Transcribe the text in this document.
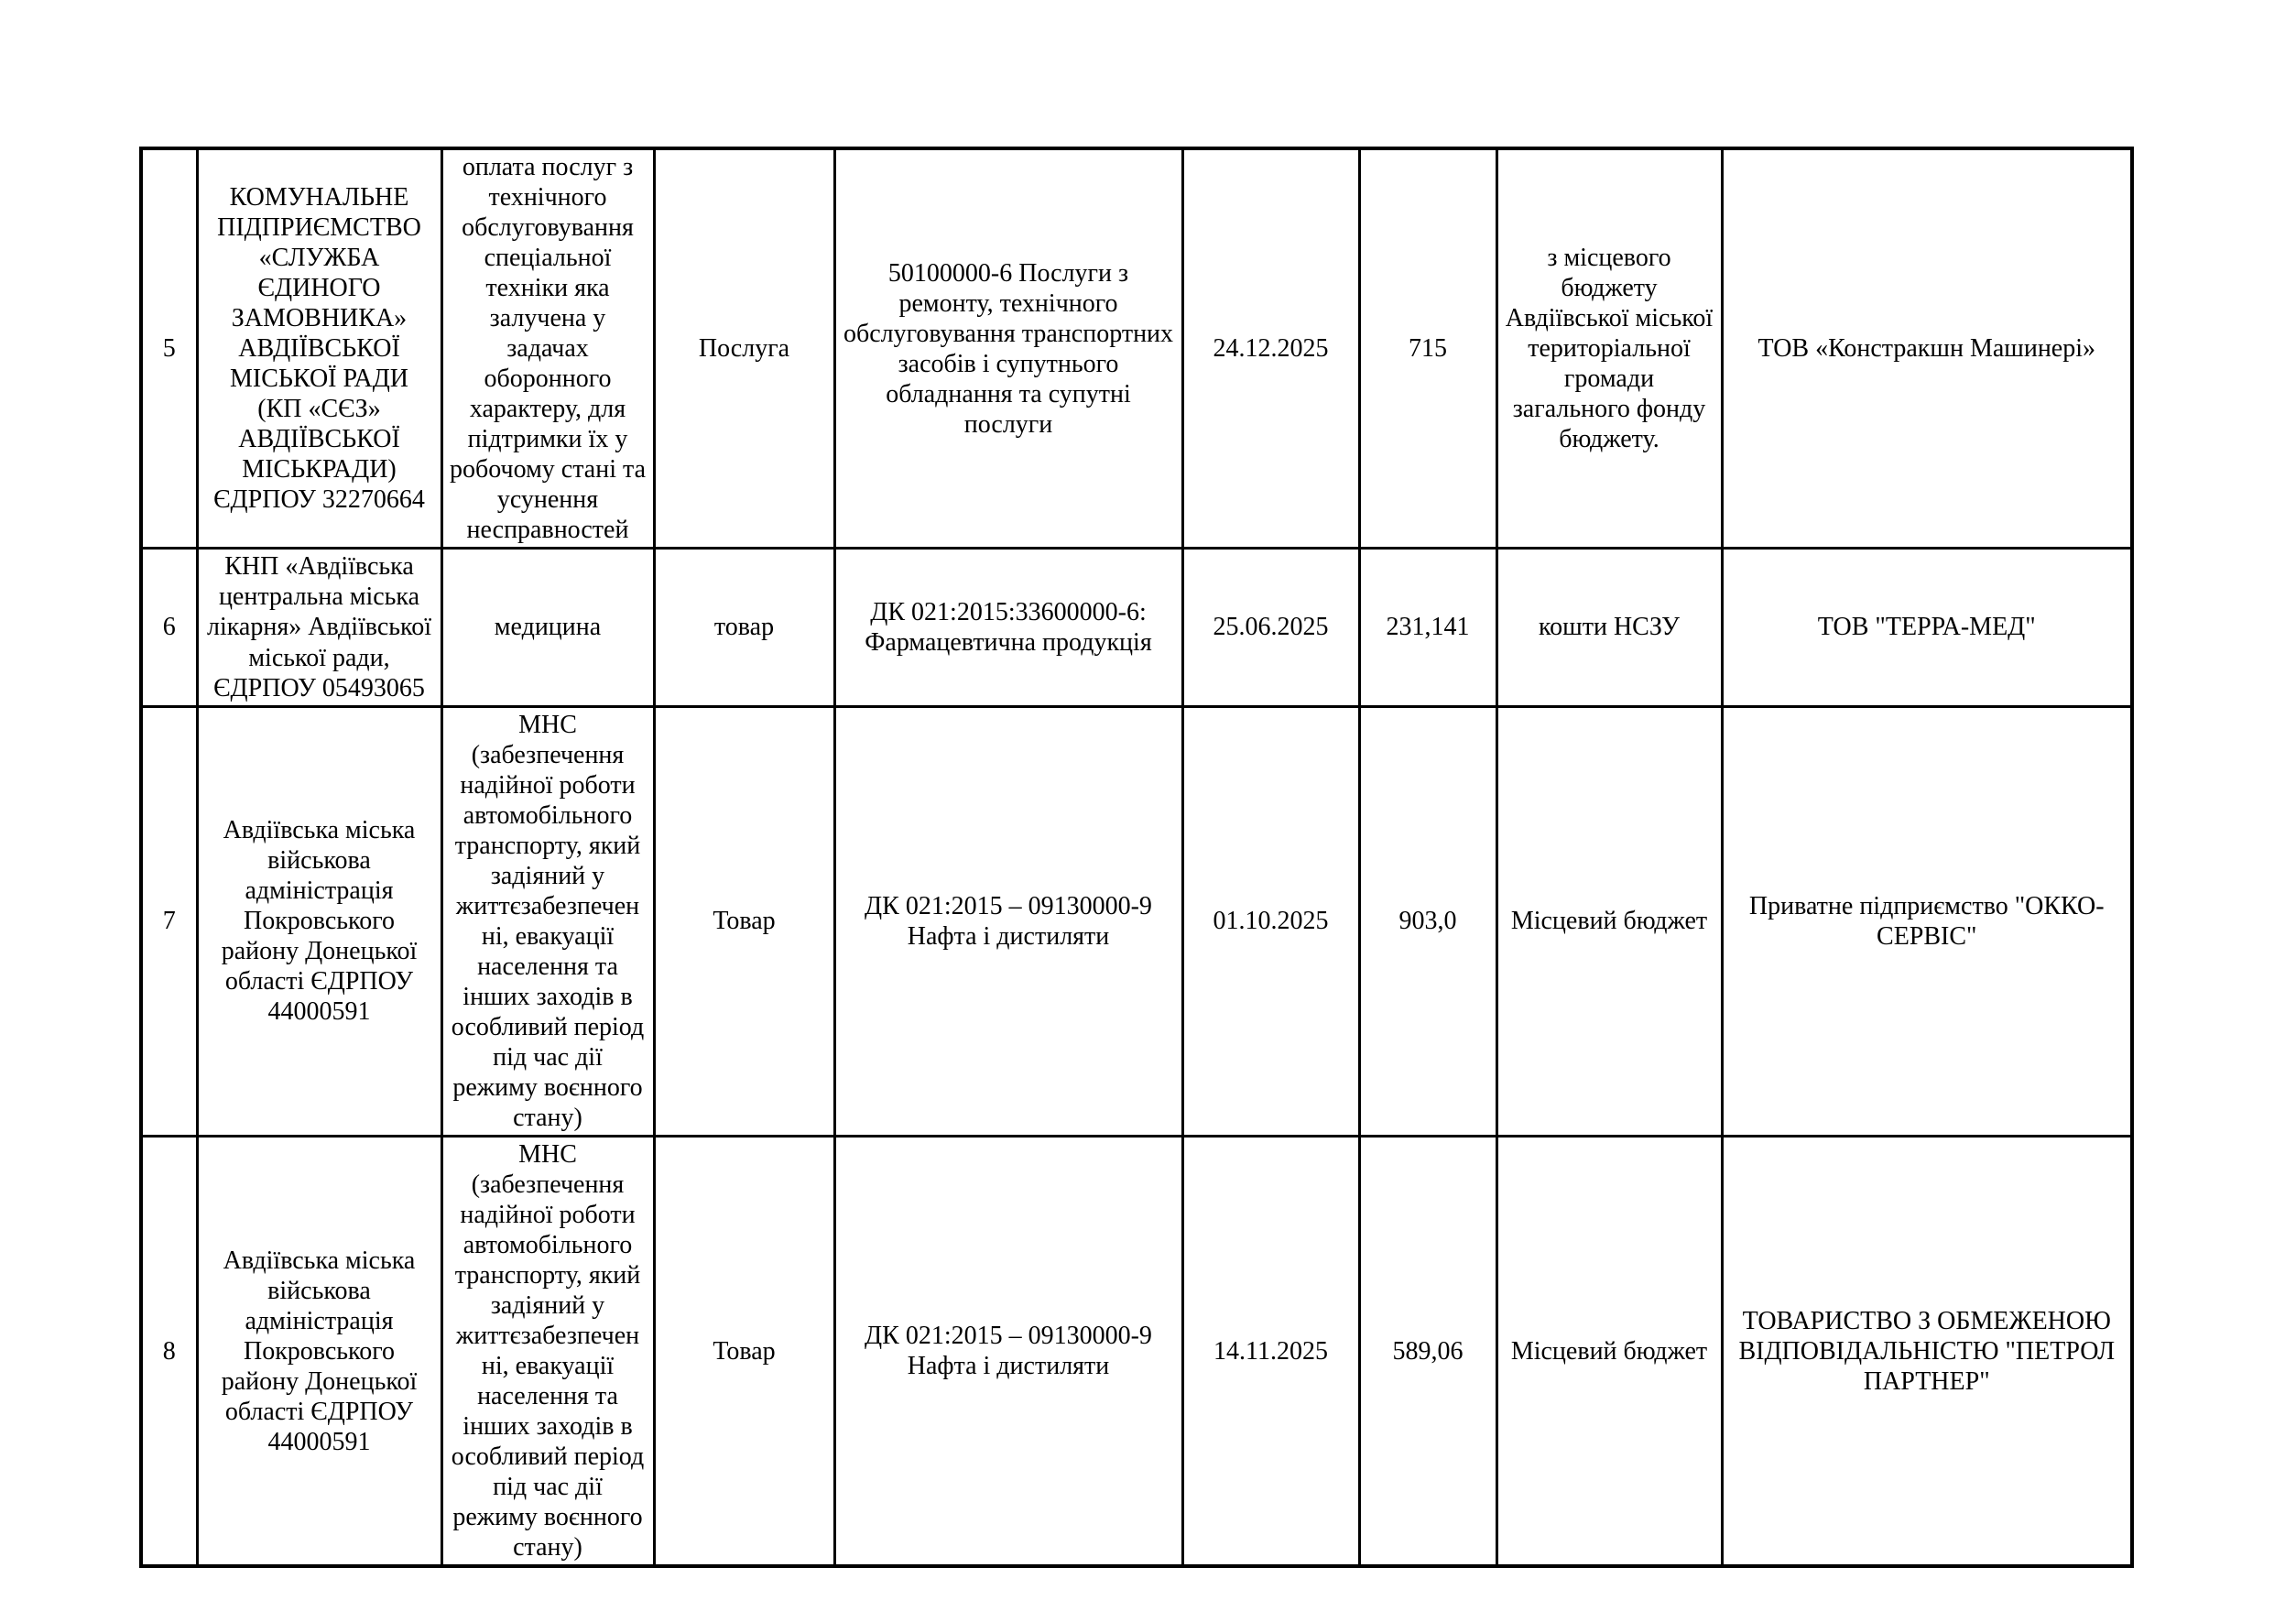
5	КОМУНАЛЬНЕ ПІДПРИЄМСТВО «СЛУЖБА ЄДИНОГО ЗАМОВНИКА» АВДІЇВСЬКОЇ МІСЬКОЇ РАДИ (КП «СЄЗ» АВДІЇВСЬКОЇ МІСЬКРАДИ) ЄДРПОУ 32270664	оплата послуг з технічного обслуговування спеціальної техніки яка залучена у задачах оборонного характеру, для підтримки їх у робочому стані та усунення несправностей	Послуга	50100000-6 Послуги з ремонту, технічного обслуговування транспортних засобів і супутнього обладнання та супутні послуги	24.12.2025	715	з місцевого бюджету Авдіївської міської територіальної громади загального фонду бюджету.	ТОВ «Констракшн Машинері»
6	КНП «Авдіївська центральна міська лікарня» Авдіївської міської ради, ЄДРПОУ 05493065	медицина	товар	ДК 021:2015:33600000-6: Фармацевтична продукція	25.06.2025	231,141	кошти НСЗУ	ТОВ "ТЕРРА-МЕД"
7	Авдіївська міська військова адміністрація Покровського району Донецької області ЄДРПОУ 44000591	МНС (забезпечення надійної роботи автомобільного транспорту, який задіяний у життєзабезпеченні, евакуації населення та інших заходів в особливий період під час дії режиму воєнного стану)	Товар	ДК 021:2015 – 09130000-9 Нафта і дистиляти	01.10.2025	903,0	Місцевий бюджет	Приватне підприємство "ОККО-СЕРВІС"
8	Авдіївська міська військова адміністрація Покровського району Донецької області ЄДРПОУ 44000591	МНС (забезпечення надійної роботи автомобільного транспорту, який задіяний у життєзабезпеченні, евакуації населення та інших заходів в особливий період під час дії режиму воєнного стану)	Товар	ДК 021:2015 – 09130000-9 Нафта і дистиляти	14.11.2025	589,06	Місцевий бюджет	ТОВАРИСТВО З ОБМЕЖЕНОЮ ВІДПОВІДАЛЬНІСТЮ "ПЕТРОЛ ПАРТНЕР"
